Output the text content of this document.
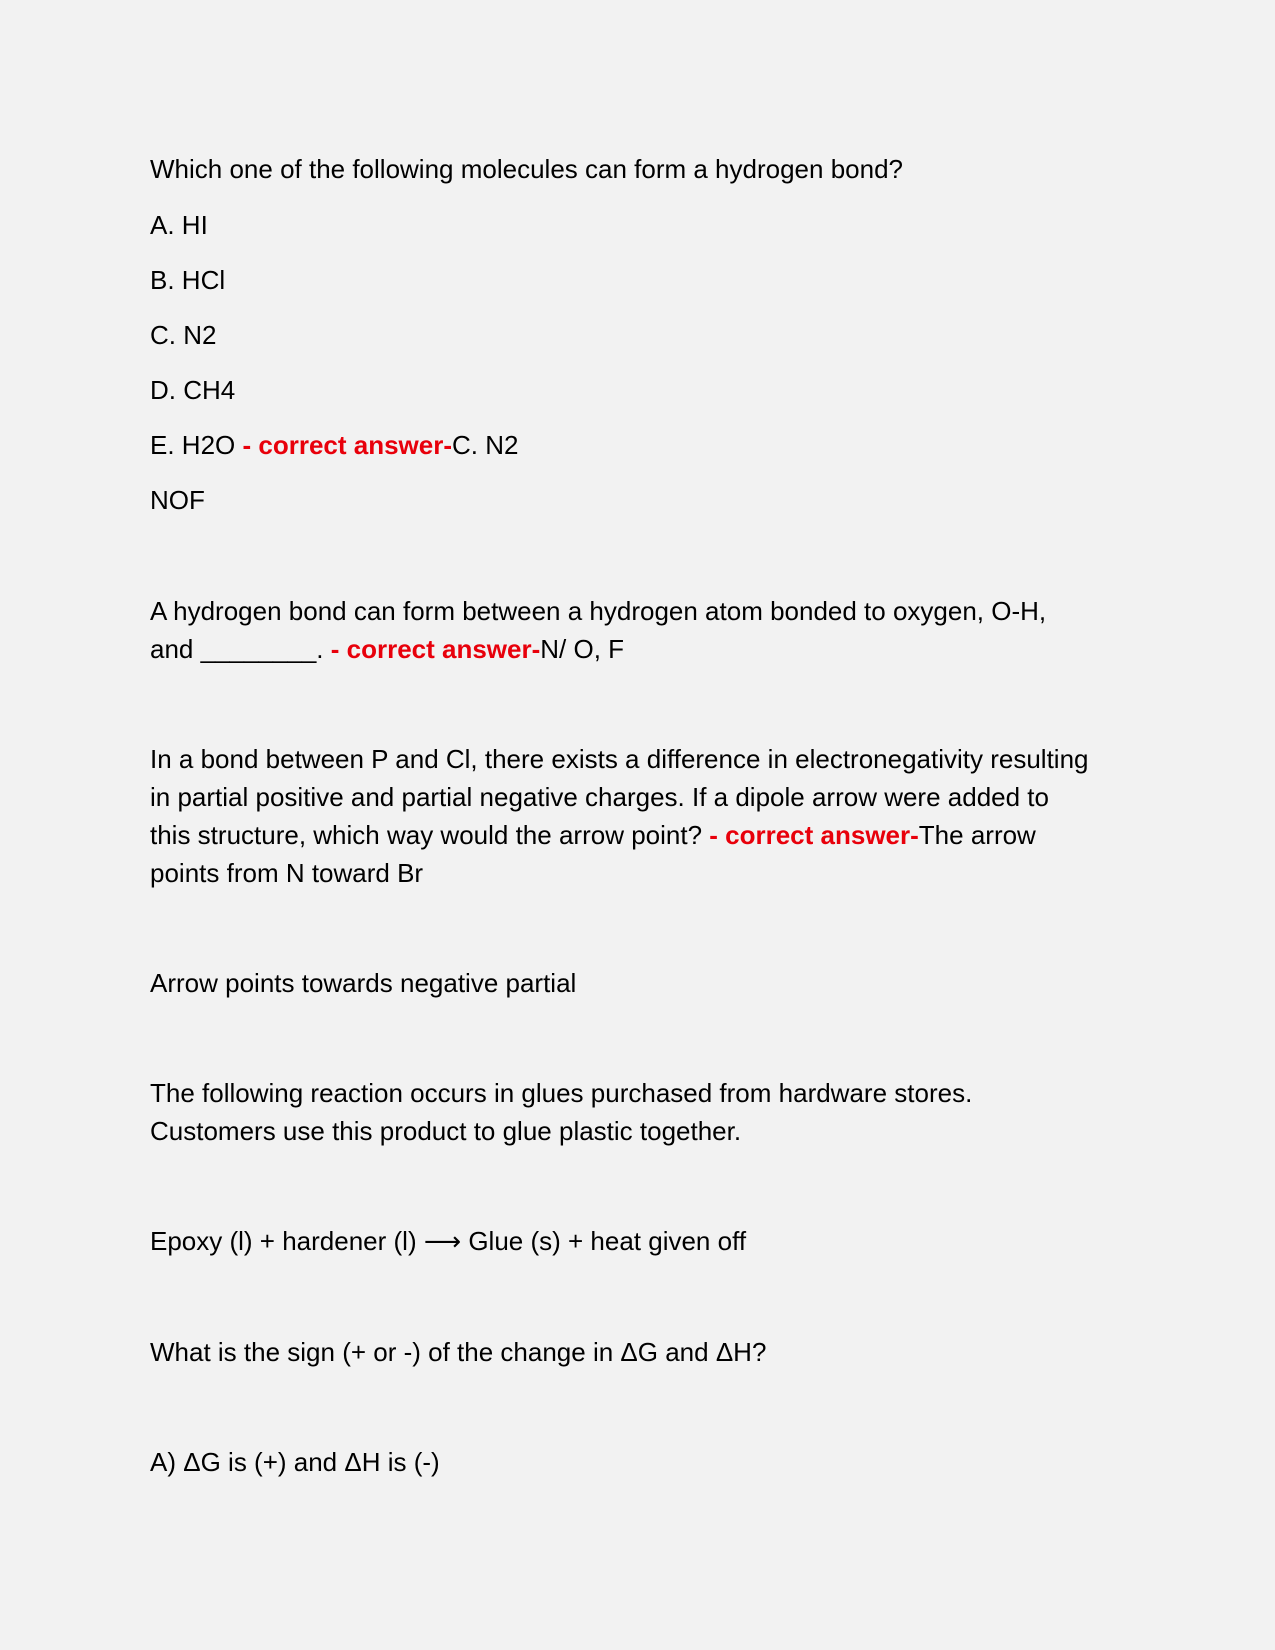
Which one of the following molecules can form a hydrogen bond?
A. HI
B. HCl
C. N2
D. CH4
E. H2O - correct answer-C. N2
NOF
A hydrogen bond can form between a hydrogen atom bonded to oxygen, O-H,
and ________. - correct answer-N/ O, F
In a bond between P and Cl, there exists a difference in electronegativity resulting
in partial positive and partial negative charges. If a dipole arrow were added to
this structure, which way would the arrow point? - correct answer-The arrow
points from N toward Br
Arrow points towards negative partial
The following reaction occurs in glues purchased from hardware stores.
Customers use this product to glue plastic together.
Epoxy (l) + hardener (l) ⟶ Glue (s) + heat given off
What is the sign (+ or -) of the change in ΔG and ΔH?
A) ΔG is (+) and ΔH is (-)
